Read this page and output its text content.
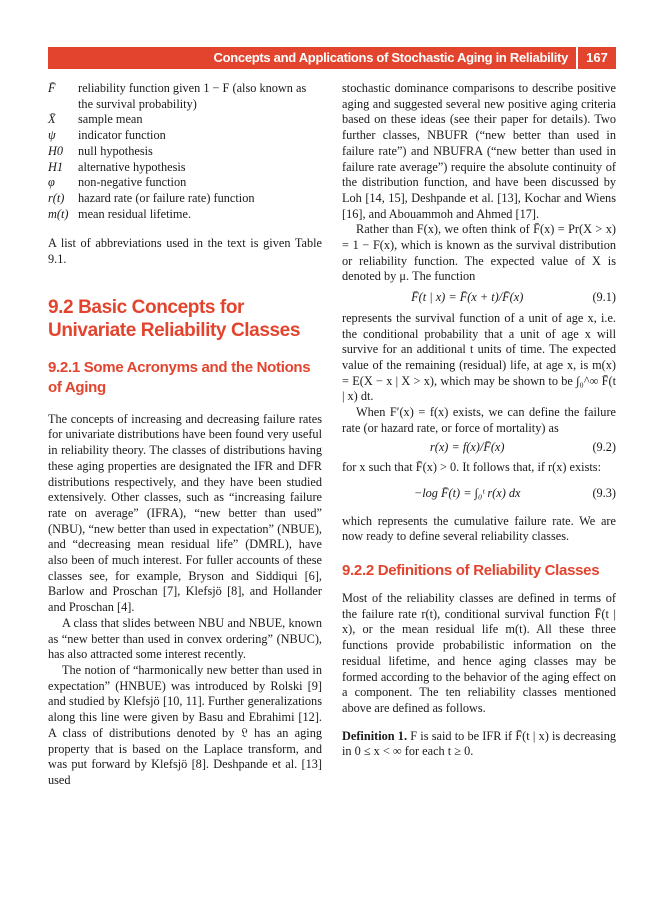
Concepts and Applications of Stochastic Aging in Reliability	167
F̄	reliability function given 1 − F (also known as the survival probability)
X̄	sample mean
ψ	indicator function
H0	null hypothesis
H1	alternative hypothesis
φ	non-negative function
r(t)	hazard rate (or failure rate) function
m(t) mean residual lifetime.

A list of abbreviations used in the text is given Table 9.1.

9.2 Basic Concepts for Univariate Reliability Classes
9.2.1 Some Acronyms and the Notions of Aging

The concepts of increasing and decreasing failure rates for univariate distributions have been found very useful in reliability theory. The classes of distributions having these aging properties are designated the IFR and DFR distributions respectively, and they have been studied extensively. Other classes, such as “increasing failure rate on average” (IFRA), “new better than used” (NBU), “new better than used in expectation” (NBUE), and “decreasing mean residual life” (DMRL), have also been of much interest. For fuller accounts of these classes see, for example, Bryson and Siddiqui [6], Barlow and Proschan [7], Klefsjö [8], and Hollander and Proschan [4].

A class that slides between NBU and NBUE, known as “new better than used in convex ordering” (NBUC), has also attracted some interest recently.

The notion of “harmonically new better than used in expectation” (HNBUE) was introduced by Rolski [9] and studied by Klefsjö [10, 11]. Further generalizations along this line were given by Basu and Ebrahimi [12]. A class of distributions denoted by 𝔏 has an aging property that is based on the Laplace transform, and was put forward by Klefsjö [8]. Deshpande et al. [13] used

stochastic dominance comparisons to describe positive aging and suggested several new positive aging criteria based on these ideas (see their paper for details). Two further classes, NBUFR (“new better than used in failure rate”) and NBUFRA (“new better than used in failure rate average”) require the absolute continuity of the distribution function, and have been discussed by Loh [14, 15], Deshpande et al. [13], Kochar and Wiens [16], and Abouammoh and Ahmed [17].

Rather than F(x), we often think of F̄(x) = Pr(X > x) = 1 − F(x), which is known as the survival distribution or reliability function. The expected value of X is denoted by μ. The function

F̄(t | x) = F̄(x + t)/F̄(x)	(9.1)

represents the survival function of a unit of age x, i.e. the conditional probability that a unit of age x will survive for an additional t units of time. The expected value of the remaining (residual) life, at age x, is m(x) = E(X − x | X > x), which may be shown to be ∫₀^∞ F̄(t | x) dt.

When F′(x) = f(x) exists, we can define the failure rate (or hazard rate, or force of mortality) as

r(x) = f(x)/F̄(x)	(9.2)

for x such that F̄(x) > 0. It follows that, if r(x) exists:

−log F̄(t) = ∫₀ᵗ r(x) dx	(9.3)

which represents the cumulative failure rate. We are now ready to define several reliability classes.

9.2.2 Definitions of Reliability Classes

Most of the reliability classes are defined in terms of the failure rate r(t), conditional survival function F̄(t | x), or the mean residual life m(t). All these three functions provide probabilistic information on the residual lifetime, and hence aging classes may be formed according to the behavior of the aging effect on a component. The ten reliability classes mentioned above are defined as follows.

Definition 1. F is said to be IFR if F̄(t | x) is decreasing in 0 ≤ x < ∞ for each t ≥ 0.
